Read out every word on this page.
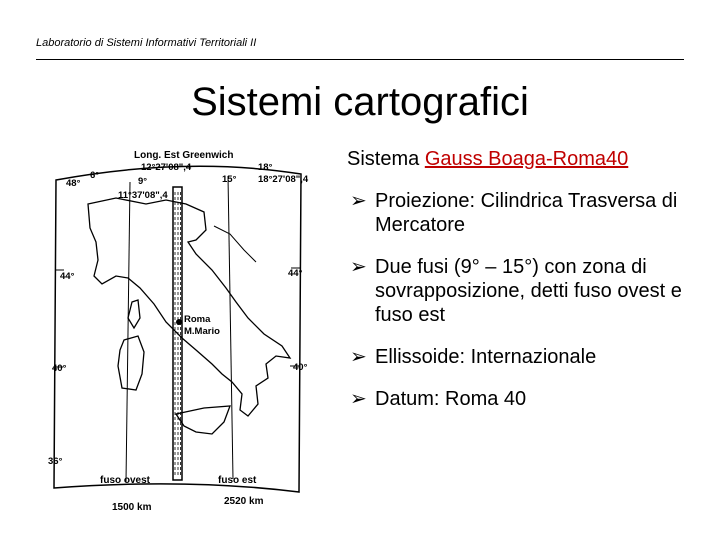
Laboratorio di Sistemi Informativi Territoriali II
Sistemi cartografici
Long. Est Greenwich
12°27'08",4
18°27'08",4
11°37'08",4
6°
9°	15°
18°
48°
44°	44°
40°	40°
36°
Roma
M.Mario
fuso ovest	fuso est
1500 km
2520 km
Sistema Gauss Boaga-Roma40
➢ Proiezione: Cilindrica Trasversa di Mercatore
➢ Due fusi (9° – 15°) con zona di sovrapposizione, detti fuso ovest e fuso est
➢ Ellissoide: Internazionale
➢ Datum: Roma 40
